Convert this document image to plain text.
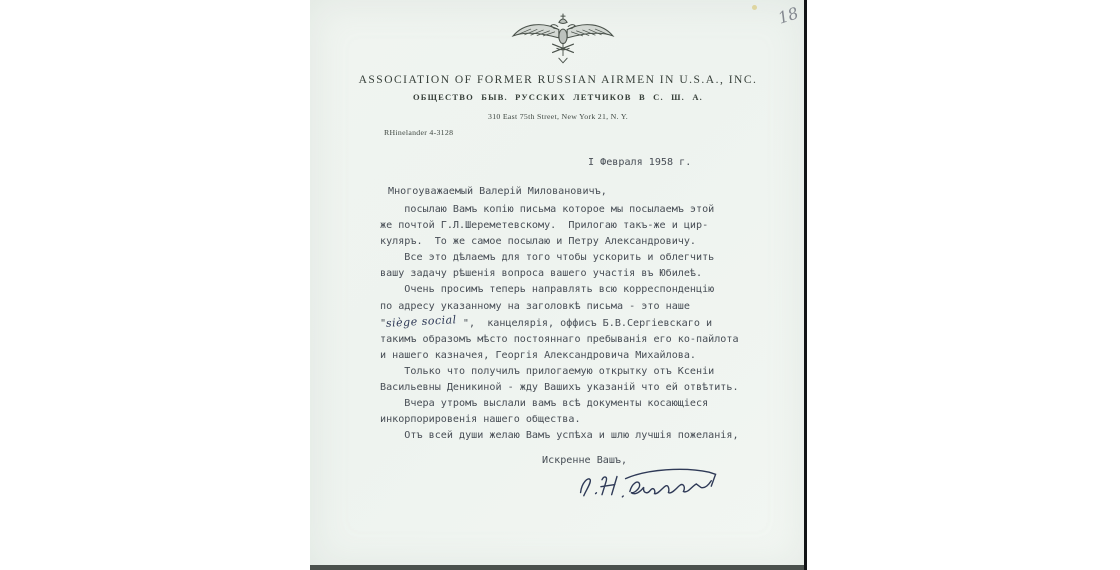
18
ASSOCIATION OF FORMER RUSSIAN AIRMEN IN U.S.A., INC.
ОБЩЕСТВО БЫВ. РУССКИХ ЛЕТЧИКОВ В С. Ш. А.
310 East 75th Street, New York 21, N. Y.
RHinelander 4-3128
I Февраля 1958 г.
Многоуважаемый Валерій Миловановичъ,
посылаю Вамъ копію письма которое мы посылаемъ этой
же почтой Г.Л.Шереметевскому.  Прилогаю такъ-же и цир-
куляръ.  То же самое посылаю и Петру Александровичу.
Все это дѣлаемъ для того чтобы ускорить и облегчить
вашу задачу рѣшенія вопроса вашего участія въ Юбилеѣ.
Очень просимъ теперь направлять всю корреспонденцію
по адресу указанному на заголовкѣ письма - это наше
"siège social ",  канцелярія, оффисъ Б.В.Сергіевскаго и
такимъ образомъ мѣсто постояннаго пребыванія его ко-пайлота
и нашего казначея, Георгія Александровича Михайлова.
Только что получилъ прилогаемую открытку отъ Ксеніи
Васильевны Деникиной - жду Вашихъ указаній что ей отвѣтить.
Вчера утромъ выслали вамъ всѣ документы косающіеся
инкорпорировенія нашего общества.
Отъ всей души желаю Вамъ успѣха и шлю лучшія пожеланія,
Искренне Вашъ,
